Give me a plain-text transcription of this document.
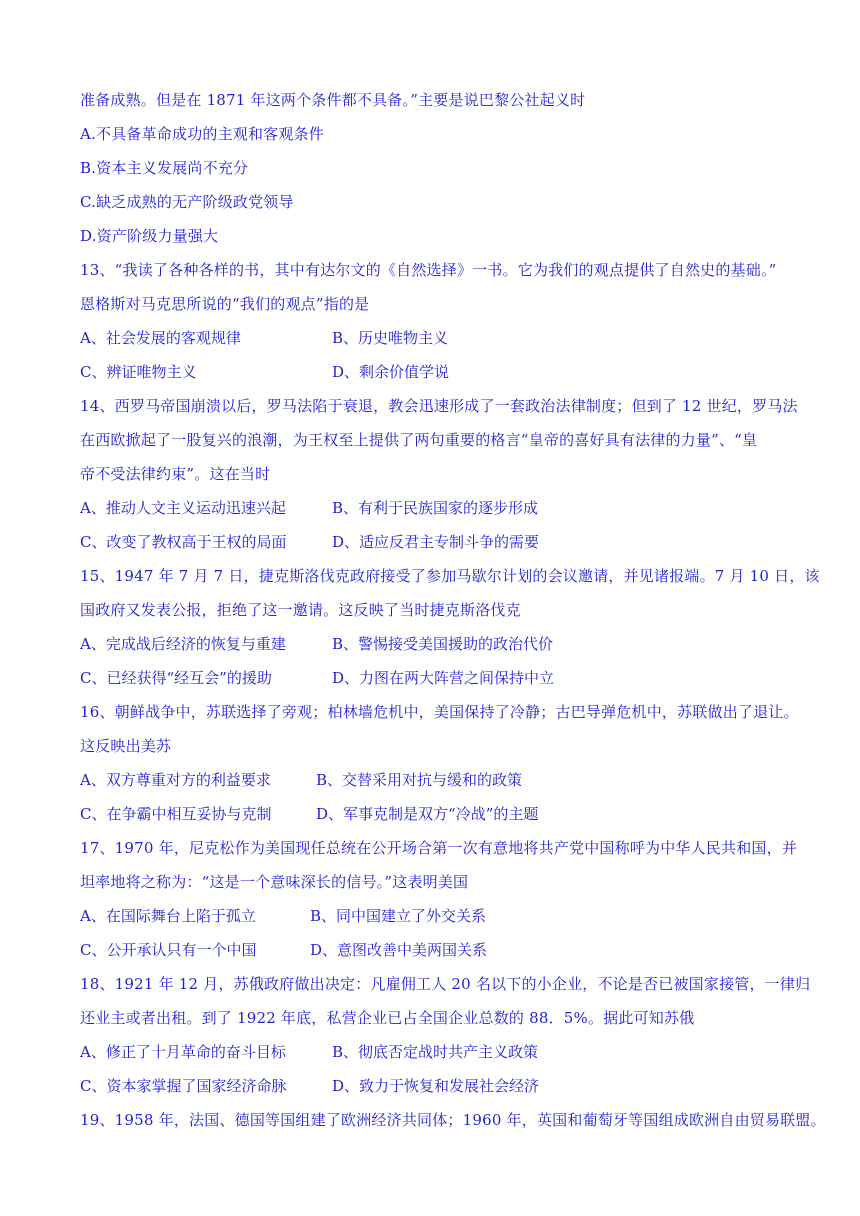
准备成熟。但是在 1871 年这两个条件都不具备。”主要是说巴黎公社起义时
A.不具备革命成功的主观和客观条件
B.资本主义发展尚不充分
C.缺乏成熟的无产阶级政党领导
D.资产阶级力量强大
13、“我读了各种各样的书，其中有达尔文的《自然选择》一书。它为我们的观点提供了自然史的基础。”
恩格斯对马克思所说的“我们的观点”指的是
A、社会发展的客观规律	B、历史唯物主义
C、辨证唯物主义	D、剩余价值学说
14、西罗马帝国崩溃以后，罗马法陷于衰退，教会迅速形成了一套政治法律制度；但到了 12 世纪，罗马法
在西欧掀起了一股复兴的浪潮，为王权至上提供了两句重要的格言“皇帝的喜好具有法律的力量”、“皇
帝不受法律约束”。这在当时
A、推动人文主义运动迅速兴起	B、有利于民族国家的逐步形成
C、改变了教权高于王权的局面	D、适应反君主专制斗争的需要
15、1947 年 7 月 7 日，捷克斯洛伐克政府接受了参加马歇尔计划的会议邀请，并见诸报端。7 月 10 日，该
国政府又发表公报，拒绝了这一邀请。这反映了当时捷克斯洛伐克
A、完成战后经济的恢复与重建	B、警惕接受美国援助的政治代价
C、已经获得“经互会”的援助	D、力图在两大阵营之间保持中立
16、朝鲜战争中，苏联选择了旁观；柏林墙危机中，美国保持了冷静；古巴导弹危机中，苏联做出了退让。
这反映出美苏
A、双方尊重对方的利益要求	B、交替采用对抗与缓和的政策
C、在争霸中相互妥协与克制	D、军事克制是双方“冷战”的主题
17、1970 年，尼克松作为美国现任总统在公开场合第一次有意地将共产党中国称呼为中华人民共和国，并
坦率地将之称为：“这是一个意味深长的信号。”这表明美国
A、在国际舞台上陷于孤立	B、同中国建立了外交关系
C、公开承认只有一个中国	D、意图改善中美两国关系
18、1921 年 12 月，苏俄政府做出决定：凡雇佣工人 20 名以下的小企业，不论是否已被国家接管，一律归
还业主或者出租。到了 1922 年底，私营企业已占全国企业总数的 88．5%。据此可知苏俄
A、修正了十月革命的奋斗目标	B、彻底否定战时共产主义政策
C、资本家掌握了国家经济命脉	D、致力于恢复和发展社会经济
19、1958 年，法国、德国等国组建了欧洲经济共同体；1960 年，英国和葡萄牙等国组成欧洲自由贸易联盟。
